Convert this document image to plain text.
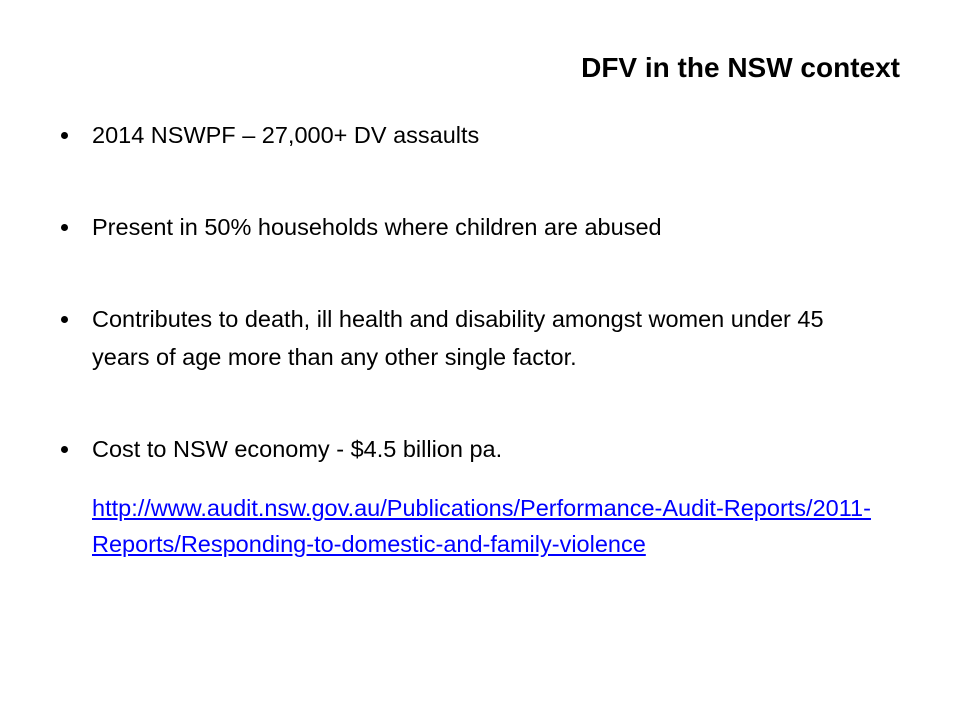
DFV in the NSW context
2014 NSWPF – 27,000+ DV assaults
Present in 50% households where children are abused
Contributes to death, ill health and disability amongst women under 45 years of age more than any other single factor.
Cost to NSW economy - $4.5 billion pa.
http://www.audit.nsw.gov.au/Publications/Performance-Audit-Reports/2011-Reports/Responding-to-domestic-and-family-violence
